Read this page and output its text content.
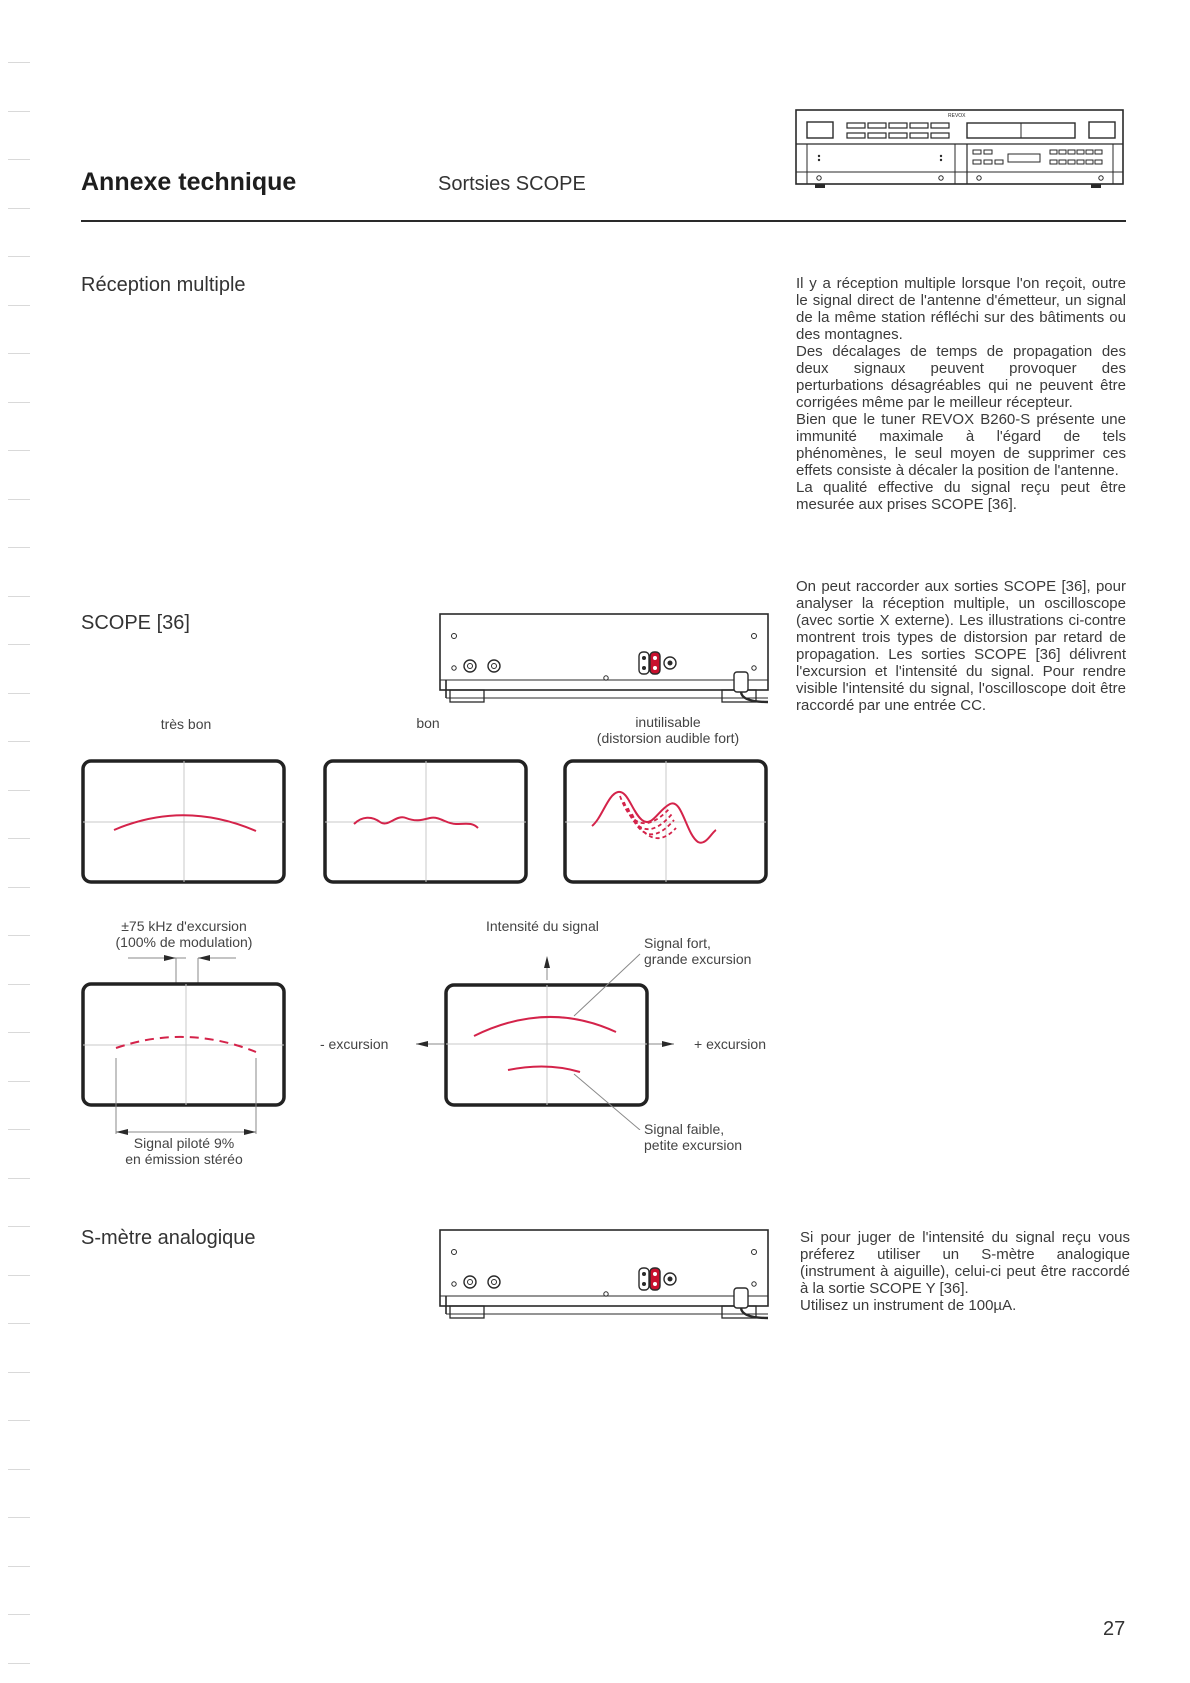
Annexe technique	Sortsies SCOPE
REVOX
Réception multiple	Il y a réception multiple lorsque l'on reçoit, outre le signal direct de l'antenne d'émetteur, un signal de la même station réfléchi sur des bâtiments ou des montagnes.

Des décalages de temps de propagation des deux signaux peuvent provoquer des perturbations désagréables qui ne peuvent être corrigées même par le meilleur récepteur.

Bien que le tuner REVOX B260-S présente une immunité maximale à l'égard de tels phénomènes, le seul moyen de supprimer ces effets consiste à décaler la position de l'antenne.

La qualité effective du signal reçu peut être mesurée aux prises SCOPE [36].

SCOPE [36]
On peut raccorder aux sorties SCOPE [36], pour analyser la réception multiple, un oscilloscope (avec sortie X externe). Les illustrations ci-contre montrent trois types de distorsion par retard de propagation. Les sorties SCOPE [36] délivrent l'excursion et l'intensité du signal. Pour rendre visible l'intensité du signal, l'oscilloscope doit être raccordé par une entrée CC.
très bon	bon	inutilisable
(distorsion audible fort)
±75 kHz d'excursion
(100% de modulation)
Signal piloté 9%
en émission stéréo
Intensité du signal
Signal fort,
grande excursion
- excursion	+ excursion
Signal faible,
petite excursion
S-mètre analogique	Si pour juger de l'intensité du signal reçu vous préferez utiliser un S-mètre analogique (instrument à aiguille), celui-ci peut être raccordé à la sortie SCOPE Y [36].

Utilisez un instrument de 100µA.

27
